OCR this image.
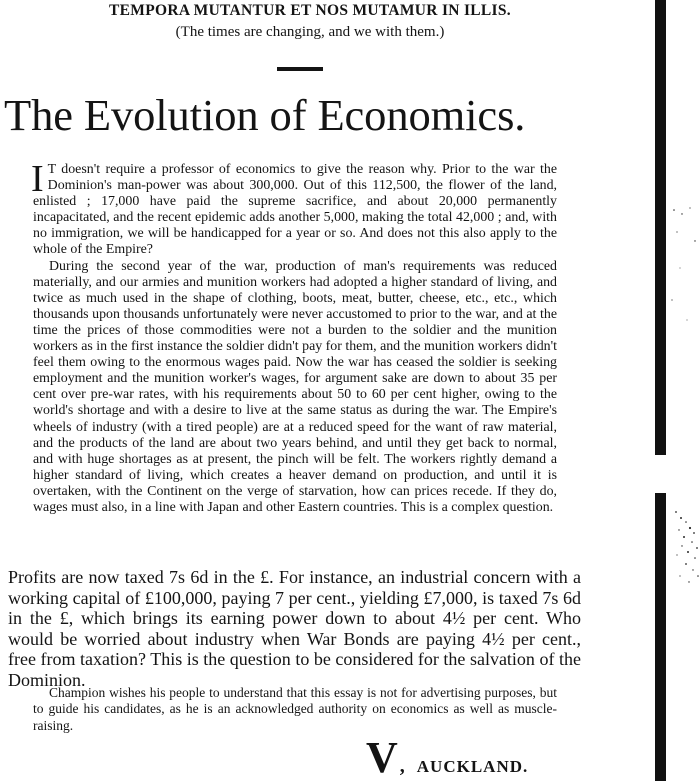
TEMPORA MUTANTUR ET NOS MUTAMUR IN ILLIS.
(The times are changing, and we with them.)
The Evolution of Economics.

I T doesn't require a professor of economics to give the reason why. Prior to the war the Dominion's man-power was about 300,000. Out of this 112,500, the flower of the land, enlisted ; 17,000 have paid the supreme sacrifice, and about 20,000 permanently incapacitated, and the recent epidemic adds another 5,000, making the total 42,000 ; and, with no immigration, we will be handicapped for a year or so. And does not this also apply to the whole of the Empire?

During the second year of the war, production of man's requirements was reduced materially, and our armies and munition workers had adopted a higher standard of living, and twice as much used in the shape of clothing, boots, meat, butter, cheese, etc., etc., which thousands upon thousands unfortunately were never accustomed to prior to the war, and at the time the prices of those commodities were not a burden to the soldier and the munition workers as in the first instance the soldier didn't pay for them, and the munition workers didn't feel them owing to the enormous wages paid. Now the war has ceased the soldier is seeking employment and the munition worker's wages, for argument sake are down to about 35 per cent over pre-war rates, with his requirements about 50 to 60 per cent higher, owing to the world's shortage and with a desire to live at the same status as during the war. The Empire's wheels of industry (with a tired people) are at a reduced speed for the want of raw material, and the products of the land are about two years behind, and until they get back to normal, and with huge shortages as at present, the pinch will be felt. The workers rightly demand a higher standard of living, which creates a heaver demand on production, and until it is overtaken, with the Continent on the verge of starvation, how can prices recede. If they do, wages must also, in a line with Japan and other Eastern countries. This is a complex question.

Profits are now taxed 7s 6d in the £. For instance, an industrial concern with a working capital of £100,000, paying 7 per cent., yielding £7,000, is taxed 7s 6d in the £, which brings its earning power down to about 4½ per cent. Who would be worried about industry when War Bonds are paying 4½ per cent., free from taxation? This is the question to be considered for the salvation of the Dominion.
Champion wishes his people to understand that this essay is not for advertising purposes, but to guide his candidates, as he is an acknowledged authority on economics as well as muscle-raising.
V , AUCKLAND.
